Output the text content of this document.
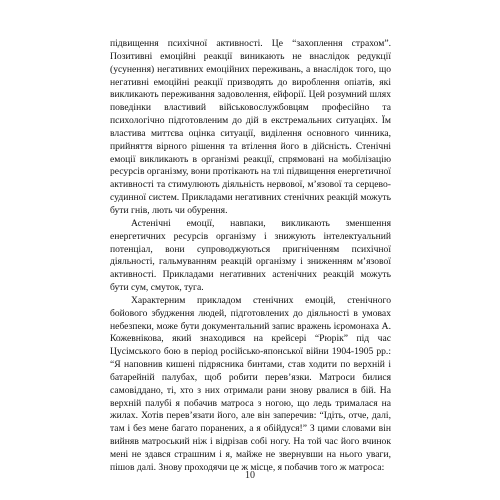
підвищення психічної активності. Це “захоплення страхом”. Позитивні емоційні реакції виникають не внаслідок редукції (усунення) негативних емоційних переживань, а внаслідок того, що негативні емоційні реакції призводять до вироблення опіатів, які викликають переживання задоволення, ейфорії. Цей розумний шлях поведінки властивий військовослужбовцям професійно та психологічно підготовленим до дій в екстремальних ситуаціях. Їм властива миттєва оцінка ситуації, виділення основного чинника, прийняття вірного рішення та втілення його в дійсність. Стенічні емоції викликають в організмі реакції, спрямовані на мобілізацію ресурсів організму, вони протікають на тлі підвищення енергетичної активності та стимулюють діяльність нервової, м’язової та серцево-судинної систем. Прикладами негативних стенічних реакцій можуть бути гнів, лють чи обурення.

Астенічні емоції, навпаки, викликають зменшення енергетичних ресурсів організму і знижують інтелектуальний потенціал, вони супроводжуються пригніченням психічної діяльності, гальмуванням реакцій організму і зниженням м’язової активності. Прикладами негативних астенічних реакцій можуть бути сум, смуток, туга.

Характерним прикладом стенічних емоцій, стенічного бойового збудження людей, підготовлених до діяльності в умовах небезпеки, може бути документальний запис вражень ієромонаха А. Кожевнікова, який знаходився на крейсері “Рюрік” під час Цусімського бою в період російсько-японської війни 1904-1905 рр.: “Я наповнив кишені підрясника бинтами, став ходити по верхній і батарейній палубах, щоб робити перев’язки. Матроси билися самовіддано, ті, хто з них отримали рани знову рвалися в бій. На верхній палубі я побачив матроса з ногою, що ледь трималася на жилах. Хотів перев’язати його, але він заперечив: “Ідіть, отче, далі, там і без мене багато поранених, а я обійдуся!” З цими словами він вийняв матроський ніж і відрізав собі ногу. На той час його вчинок мені не здався страшним і я, майже не звернувши на нього уваги, пішов далі. Знову проходячи це ж місце, я побачив того ж матроса:

10
